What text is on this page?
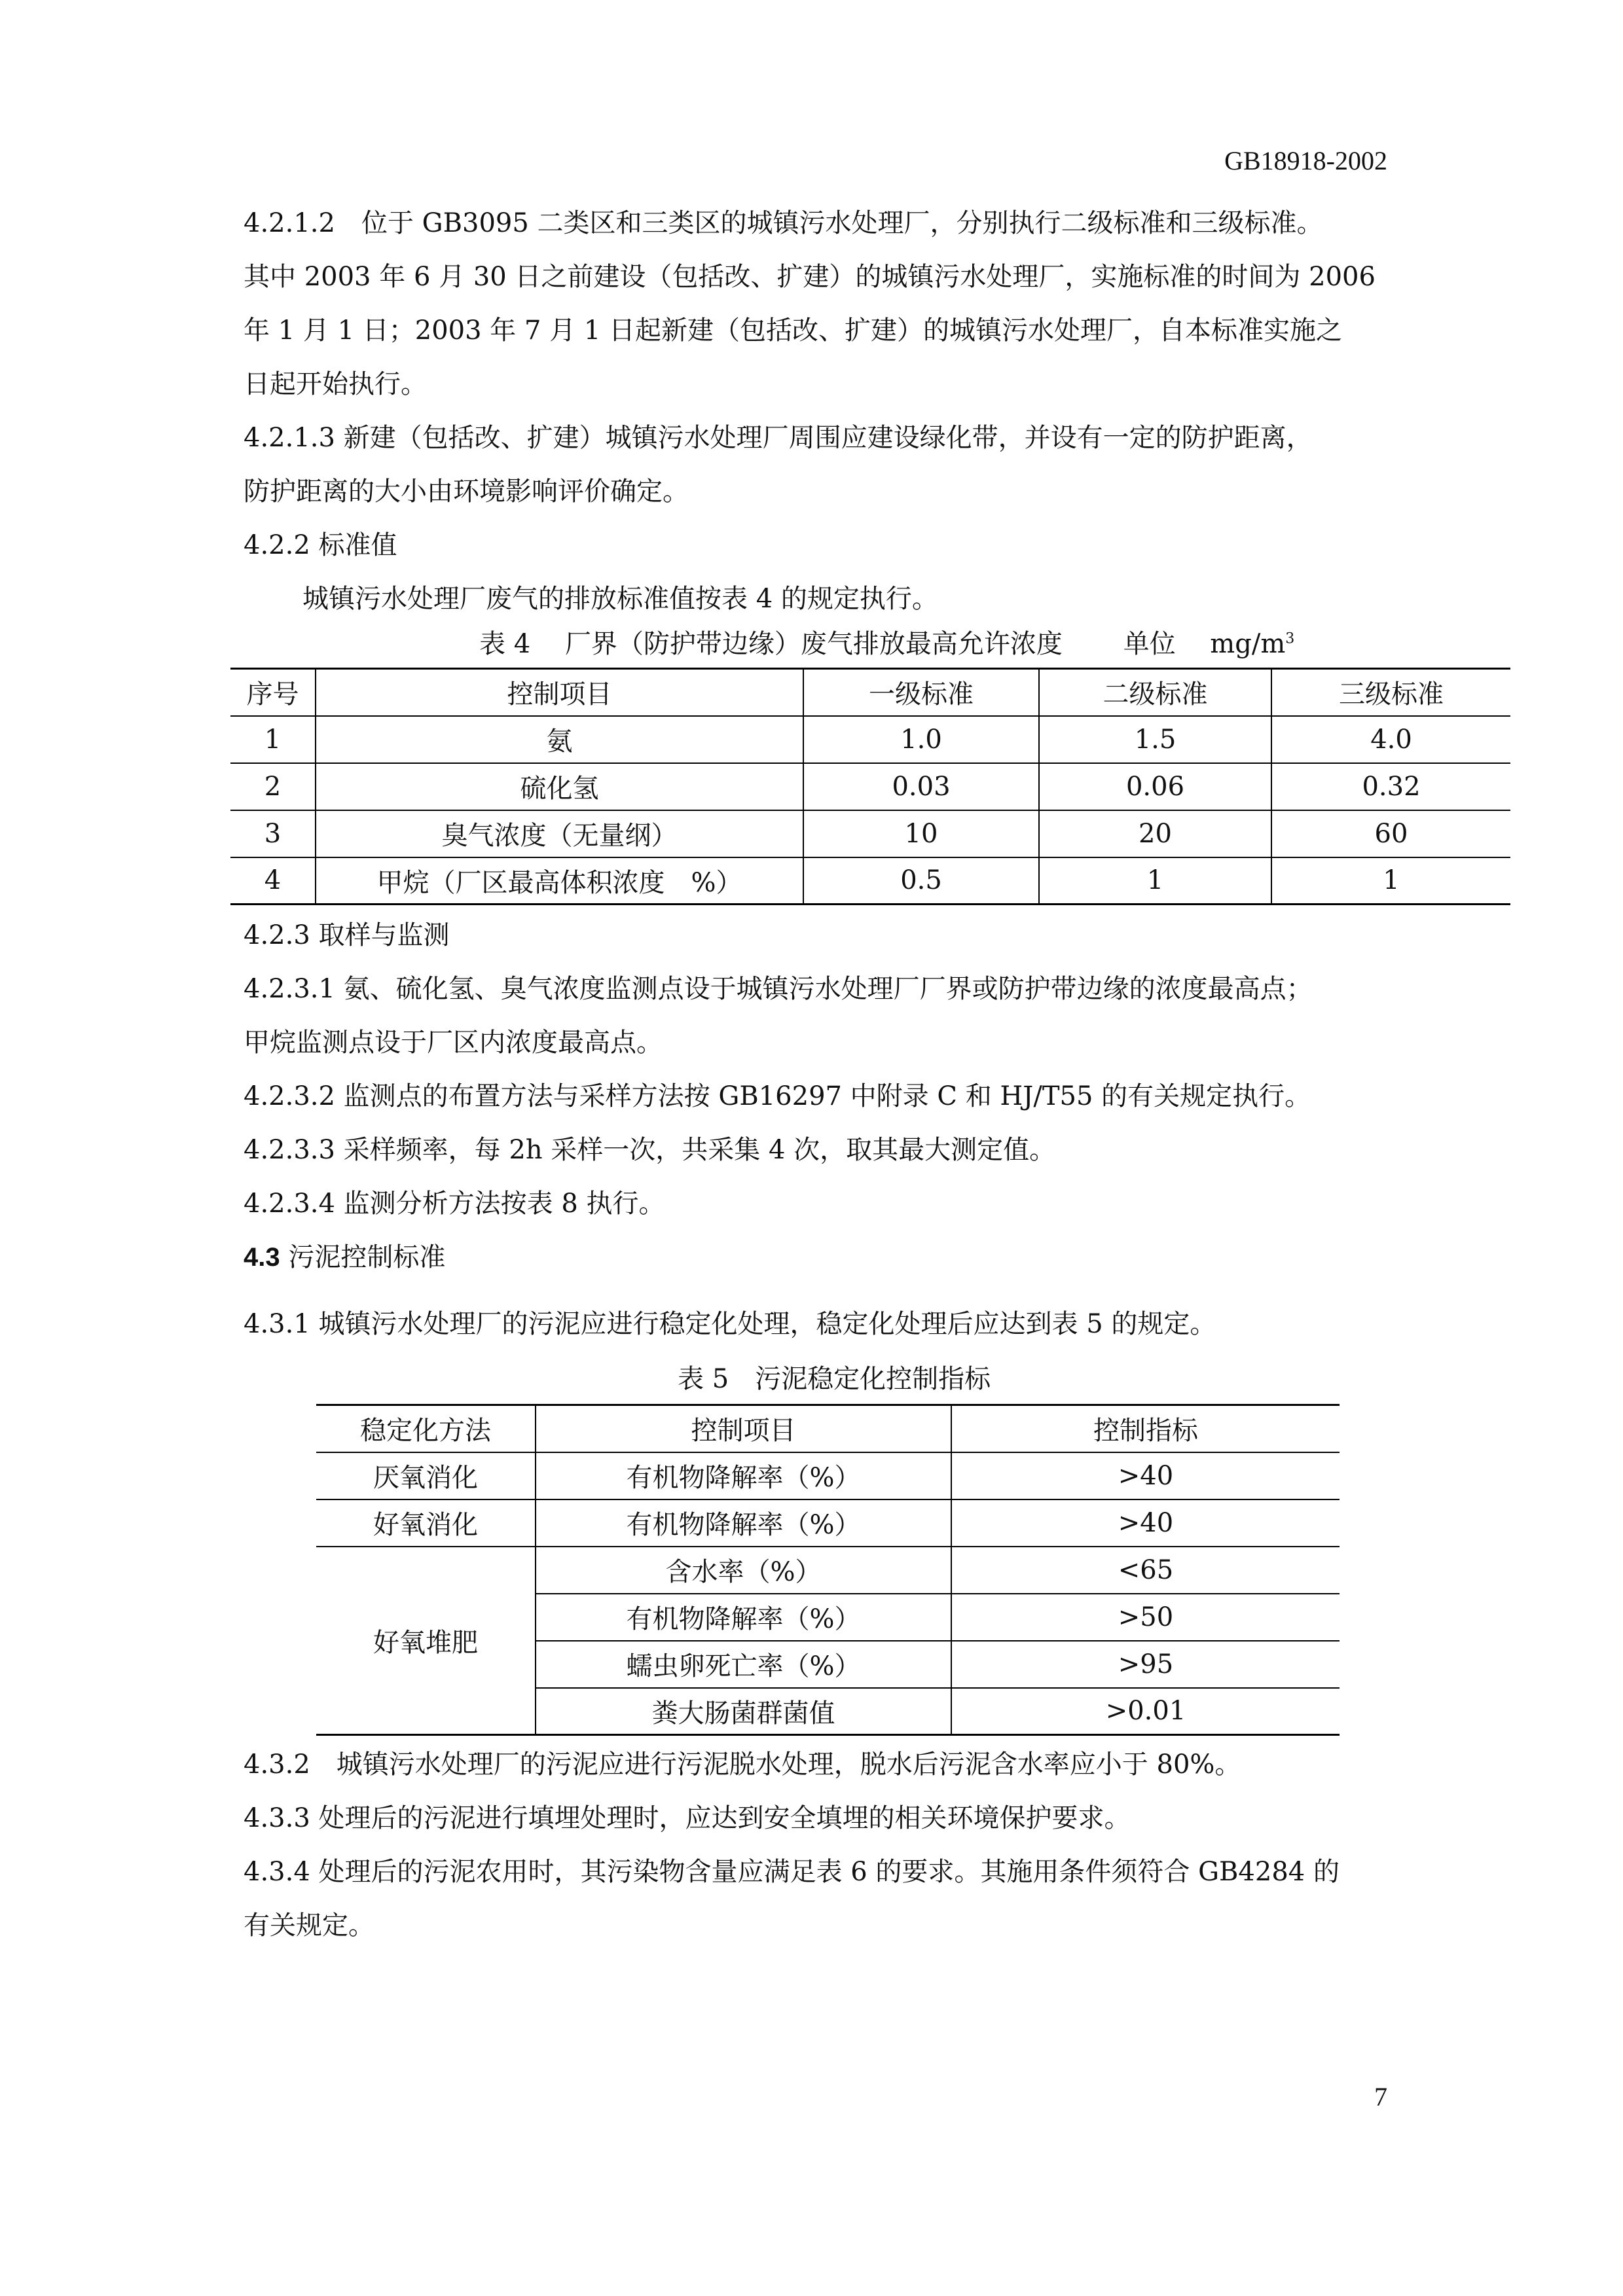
GB18918-2002
4.2.1.2　位于 GB3095 二类区和三类区的城镇污水处理厂，分别执行二级标准和三级标准。
其中 2003 年 6 月 30 日之前建设（包括改、扩建）的城镇污水处理厂，实施标准的时间为 2006
年 1 月 1 日；2003 年 7 月 1 日起新建（包括改、扩建）的城镇污水处理厂，自本标准实施之
日起开始执行。
4.2.1.3 新建（包括改、扩建）城镇污水处理厂周围应建设绿化带，并设有一定的防护距离，
防护距离的大小由环境影响评价确定。
4.2.2 标准值
城镇污水处理厂废气的排放标准值按表 4 的规定执行。
表 4　 厂界（防护带边缘）废气排放最高允许浓度　　 单位　 $mg/m^3$
序号	控制项目	一级标准	二级标准	三级标准
1	氨	1.0	1.5	4.0
2	硫化氢	0.03	0.06	0.32
3	臭气浓度（无量纲）	10	20	60
4	甲烷（厂区最高体积浓度　%）	0.5	1	1
4.2.3 取样与监测
4.2.3.1 氨、硫化氢、臭气浓度监测点设于城镇污水处理厂厂界或防护带边缘的浓度最高点；
甲烷监测点设于厂区内浓度最高点。
4.2.3.2 监测点的布置方法与采样方法按 GB16297 中附录 C 和 HJ/T55 的有关规定执行。
4.2.3.3 采样频率，每 2h 采样一次，共采集 4 次，取其最大测定值。
4.2.3.4 监测分析方法按表 8 执行。
4.3 污泥控制标准
4.3.1 城镇污水处理厂的污泥应进行稳定化处理，稳定化处理后应达到表 5 的规定。
表 5　污泥稳定化控制指标
稳定化方法	控制项目	控制指标
厌氧消化	有机物降解率（%）	>40
好氧消化	有机物降解率（%）	>40
好氧堆肥	含水率（%）	<65
	有机物降解率（%）	>50
	蠕虫卵死亡率（%）	>95
	粪大肠菌群菌值	>0.01
4.3.2　城镇污水处理厂的污泥应进行污泥脱水处理，脱水后污泥含水率应小于 80%。
4.3.3 处理后的污泥进行填埋处理时，应达到安全填埋的相关环境保护要求。
4.3.4 处理后的污泥农用时，其污染物含量应满足表 6 的要求。其施用条件须符合 GB4284 的
有关规定。
7
